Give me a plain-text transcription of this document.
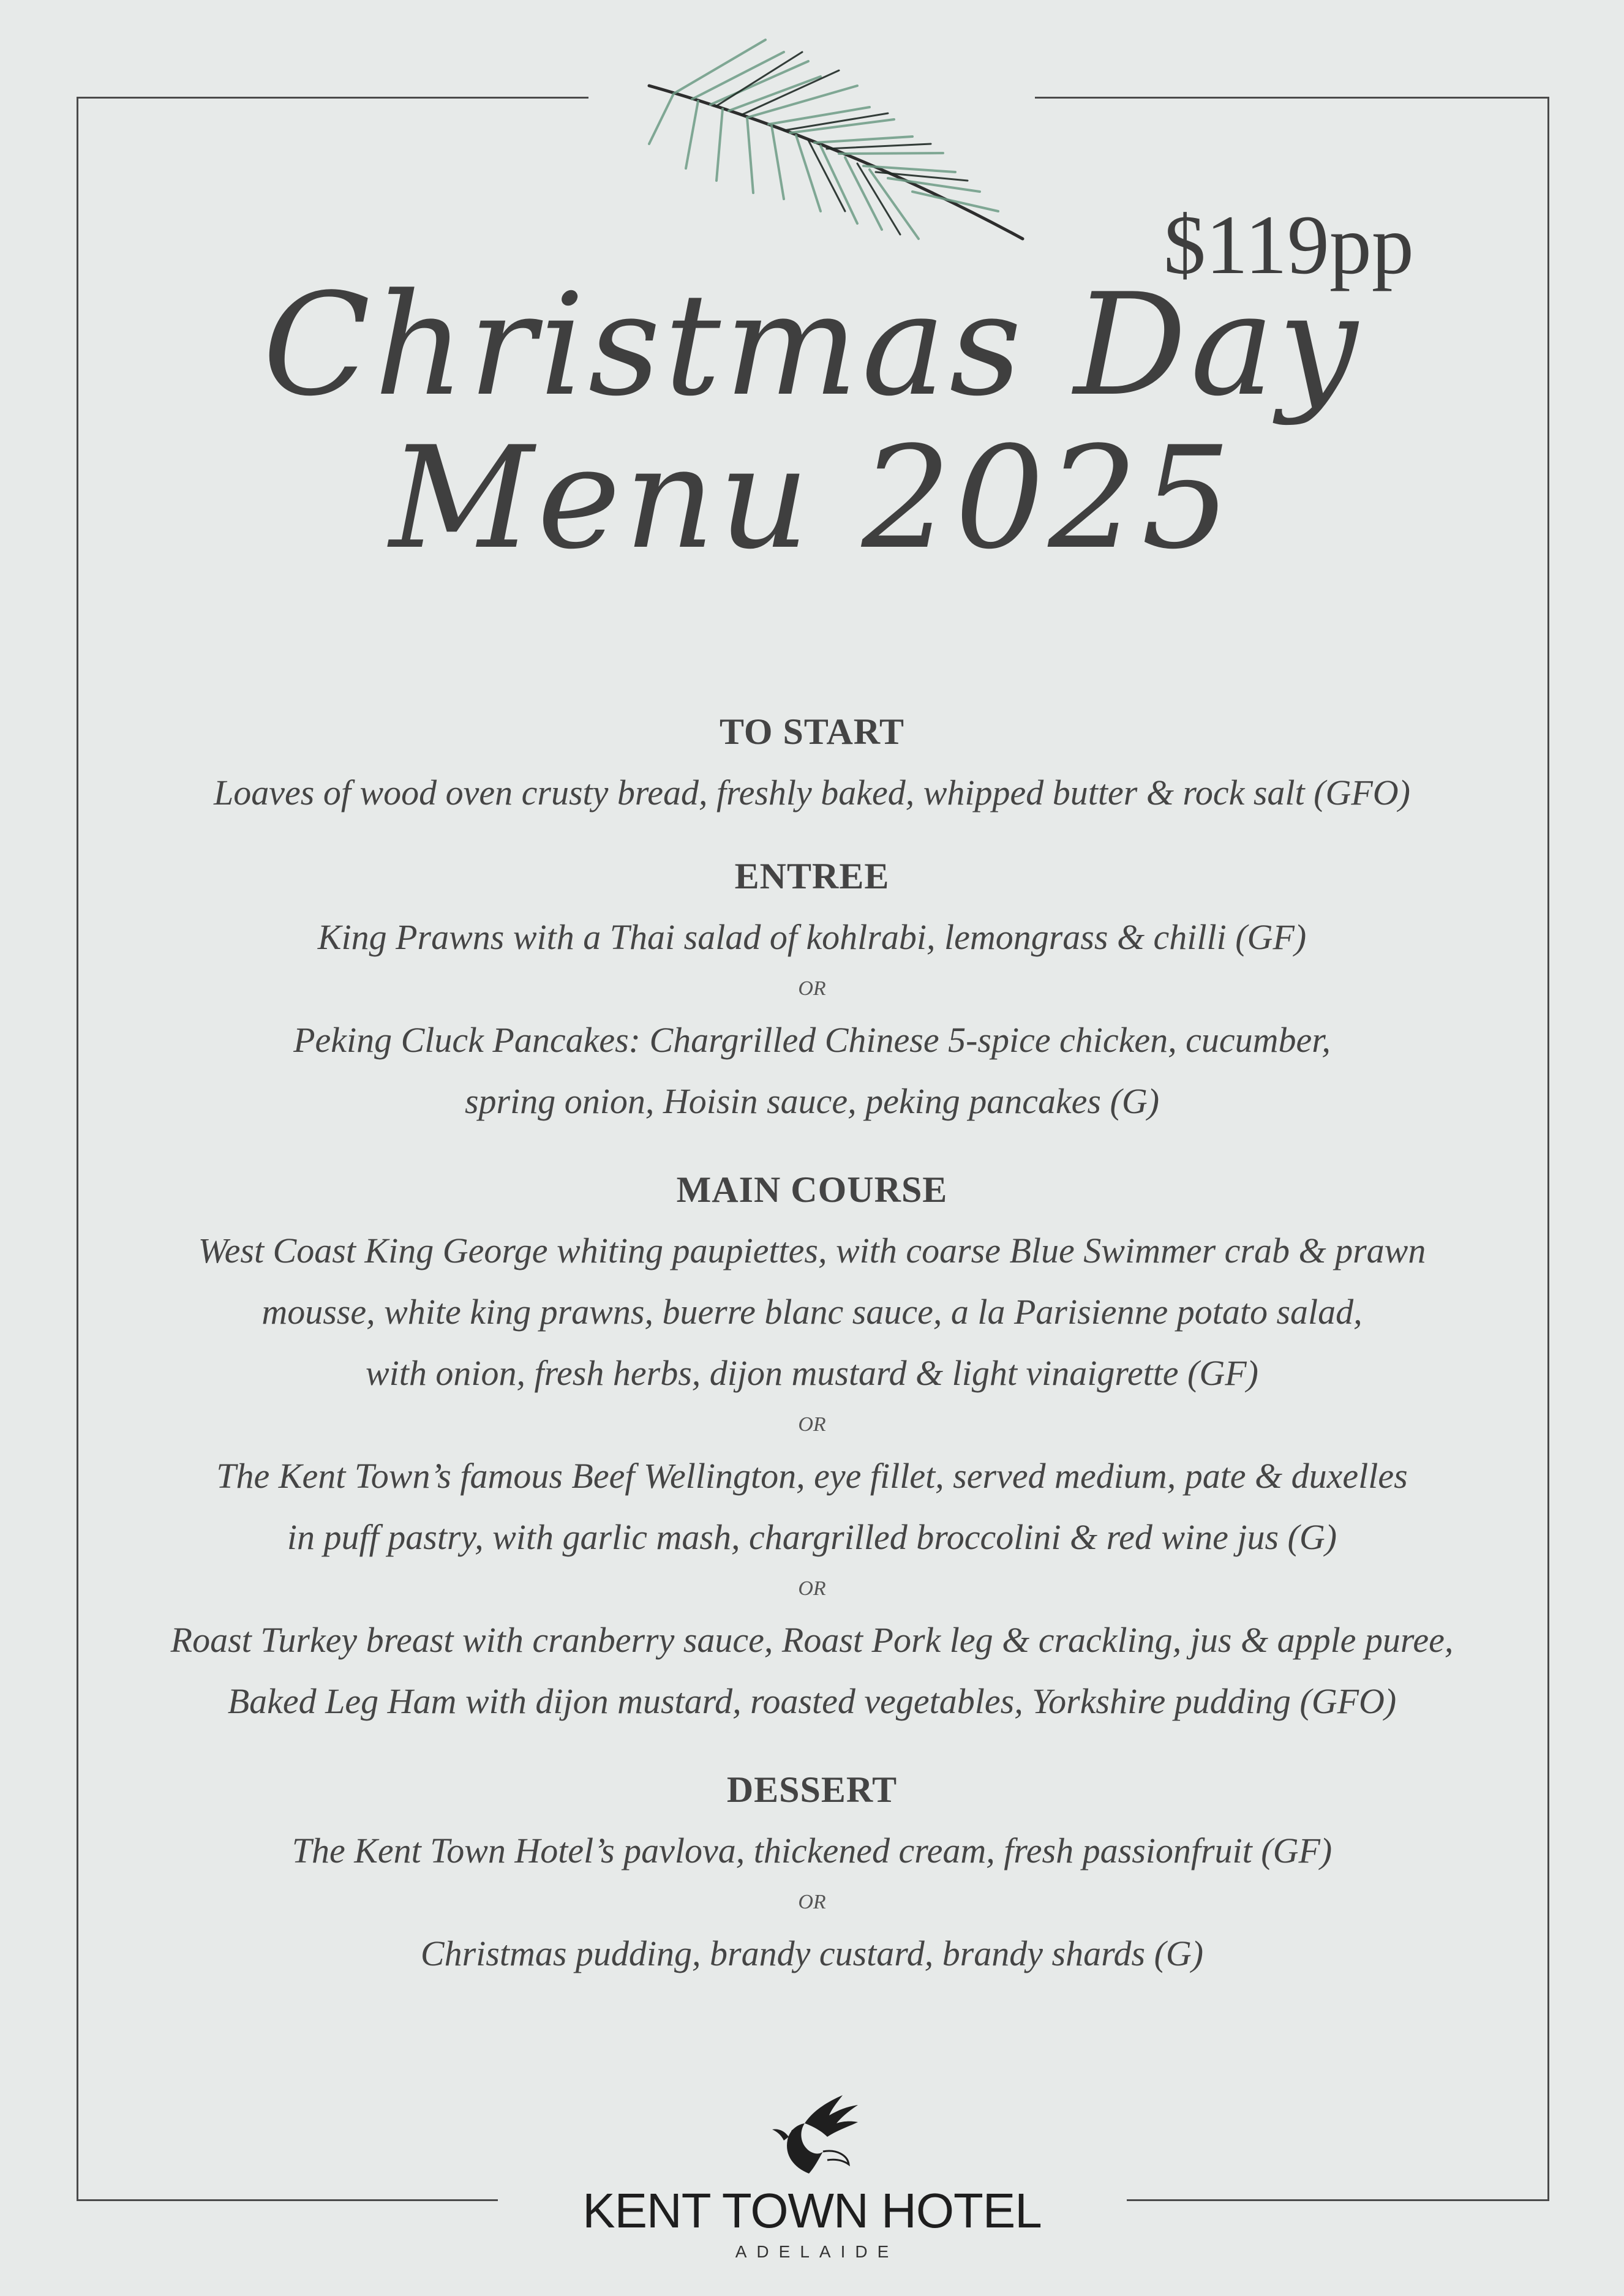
$119pp
Christmas Day
Menu 2025

TO START

Loaves of wood oven crusty bread, freshly baked, whipped butter & rock salt (GFO)

ENTREE

King Prawns with a Thai salad of kohlrabi, lemongrass & chilli (GF)

OR

Peking Cluck Pancakes: Chargrilled Chinese 5-spice chicken, cucumber,

spring onion, Hoisin sauce, peking pancakes (G)

MAIN COURSE

West Coast King George whiting paupiettes, with coarse Blue Swimmer crab & prawn

mousse, white king prawns, buerre blanc sauce, a la Parisienne potato salad,

with onion, fresh herbs, dijon mustard & light vinaigrette (GF)

OR

The Kent Town’s famous Beef Wellington, eye fillet, served medium, pate & duxelles

in puff pastry, with garlic mash, chargrilled broccolini & red wine jus (G)

OR

Roast Turkey breast with cranberry sauce, Roast Pork leg & crackling, jus & apple puree,

Baked Leg Ham with dijon mustard, roasted vegetables, Yorkshire pudding (GFO)

DESSERT

The Kent Town Hotel’s pavlova, thickened cream, fresh passionfruit (GF)

OR

Christmas pudding, brandy custard, brandy shards (G)

KENT TOWN HOTEL
ADELAIDE
